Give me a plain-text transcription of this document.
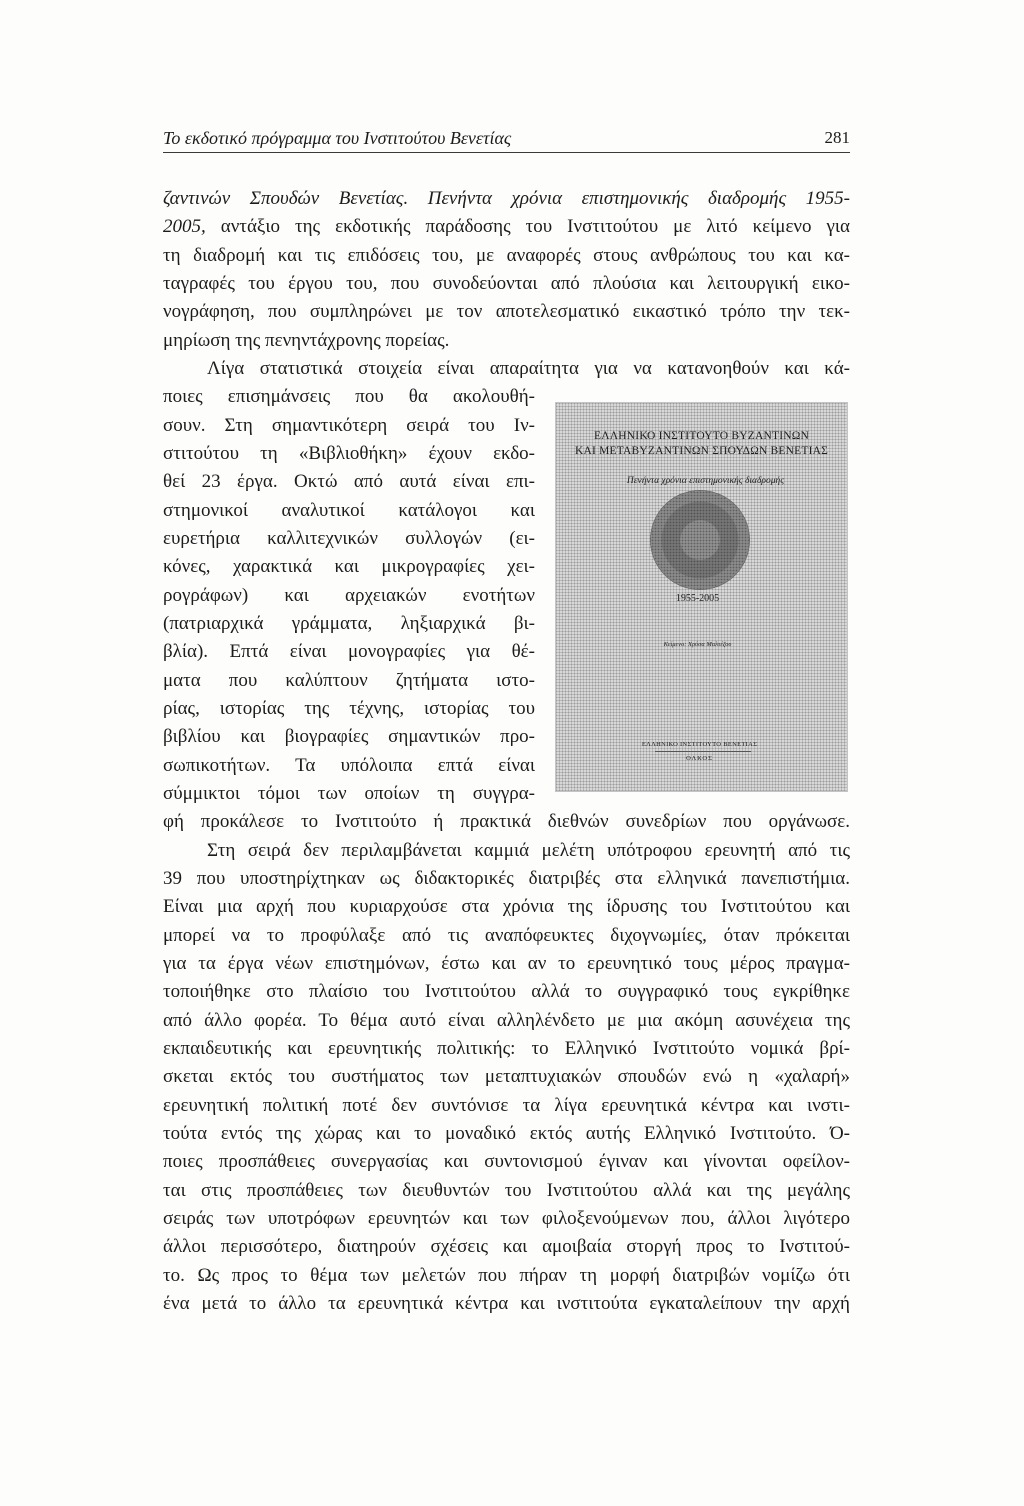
Το εκδοτικό πρόγραμμα του Ινστιτούτου Βενετίας	281
ζαντινών Σπουδών Βενετίας. Πενήντα χρόνια επιστημονικής διαδρομής 1955-
2005, αντάξιο της εκδοτικής παράδοσης του Ινστιτούτου με λιτό κείμενο για
τη διαδρομή και τις επιδόσεις του, με αναφορές στους ανθρώπους του και κα-
ταγραφές του έργου του, που συνοδεύονται από πλούσια και λειτουργική εικο-
νογράφηση, που συμπληρώνει με τον αποτελεσματικό εικαστικό τρόπο την τεκ-
μηρίωση της πενηντάχρονης πορείας.
Λίγα στατιστικά στοιχεία είναι απαραίτητα για να κατανοηθούν και κά-
ποιες επισημάνσεις που θα ακολουθή-
σουν. Στη σημαντικότερη σειρά του Ιν-
στιτούτου τη «Βιβλιοθήκη» έχουν εκδο-
θεί 23 έργα. Οκτώ από αυτά είναι επι-
στημονικοί αναλυτικοί κατάλογοι και
ευρετήρια καλλιτεχνικών συλλογών (ει-
κόνες, χαρακτικά και μικρογραφίες χει-
ρογράφων) και αρχειακών ενοτήτων
(πατριαρχικά γράμματα, ληξιαρχικά βι-
βλία). Επτά είναι μονογραφίες για θέ-
ματα που καλύπτουν ζητήματα ιστο-
ρίας, ιστορίας της τέχνης, ιστορίας του
βιβλίου και βιογραφίες σημαντικών προ-
σωπικοτήτων. Τα υπόλοιπα επτά είναι
σύμμικτοι τόμοι των οποίων τη συγγρα-
φή προκάλεσε το Ινστιτούτο ή πρακτικά διεθνών συνεδρίων που οργάνωσε.
Στη σειρά δεν περιλαμβάνεται καμμιά μελέτη υπότροφου ερευνητή από τις
39 που υποστηρίχτηκαν ως διδακτορικές διατριβές στα ελληνικά πανεπιστήμια.
Είναι μια αρχή που κυριαρχούσε στα χρόνια της ίδρυσης του Ινστιτούτου και
μπορεί να το προφύλαξε από τις αναπόφευκτες διχογνωμίες, όταν πρόκειται
για τα έργα νέων επιστημόνων, έστω και αν το ερευνητικό τους μέρος πραγμα-
τοποιήθηκε στο πλαίσιο του Ινστιτούτου αλλά το συγγραφικό τους εγκρίθηκε
από άλλο φορέα. Το θέμα αυτό είναι αλληλένδετο με μια ακόμη ασυνέχεια της
εκπαιδευτικής και ερευνητικής πολιτικής: το Ελληνικό Ινστιτούτο νομικά βρί-
σκεται εκτός του συστήματος των μεταπτυχιακών σπουδών ενώ η «χαλαρή»
ερευνητική πολιτική ποτέ δεν συντόνισε τα λίγα ερευνητικά κέντρα και ινστι-
τούτα εντός της χώρας και το μοναδικό εκτός αυτής Ελληνικό Ινστιτούτο. Ό-
ποιες προσπάθειες συνεργασίας και συντονισμού έγιναν και γίνονται οφείλον-
ται στις προσπάθειες των διευθυντών του Ινστιτούτου αλλά και της μεγάλης
σειράς των υποτρόφων ερευνητών και των φιλοξενούμενων που, άλλοι λιγότερο
άλλοι περισσότερο, διατηρούν σχέσεις και αμοιβαία στοργή προς το Ινστιτού-
το. Ως προς το θέμα των μελετών που πήραν τη μορφή διατριβών νομίζω ότι
ένα μετά το άλλο τα ερευνητικά κέντρα και ινστιτούτα εγκαταλείπουν την αρχή
ΕΛΛΗΝΙΚΟ ΙΝΣΤΙΤΟΥΤΟ ΒΥΖΑΝΤΙΝΩΝ
ΚΑΙ ΜΕΤΑΒΥΖΑΝΤΙΝΩΝ ΣΠΟΥΔΩΝ ΒΕΝΕΤΙΑΣ
Πενήντα χρόνια επιστημονικής διαδρομής
1955-2005
Κείμενο: Χρύσα Μαλτέζου
ΕΛΛΗΝΙΚΟ ΙΝΣΤΙΤΟΥΤΟ ΒΕΝΕΤΙΑΣ
ΟΛΚΟΣ
